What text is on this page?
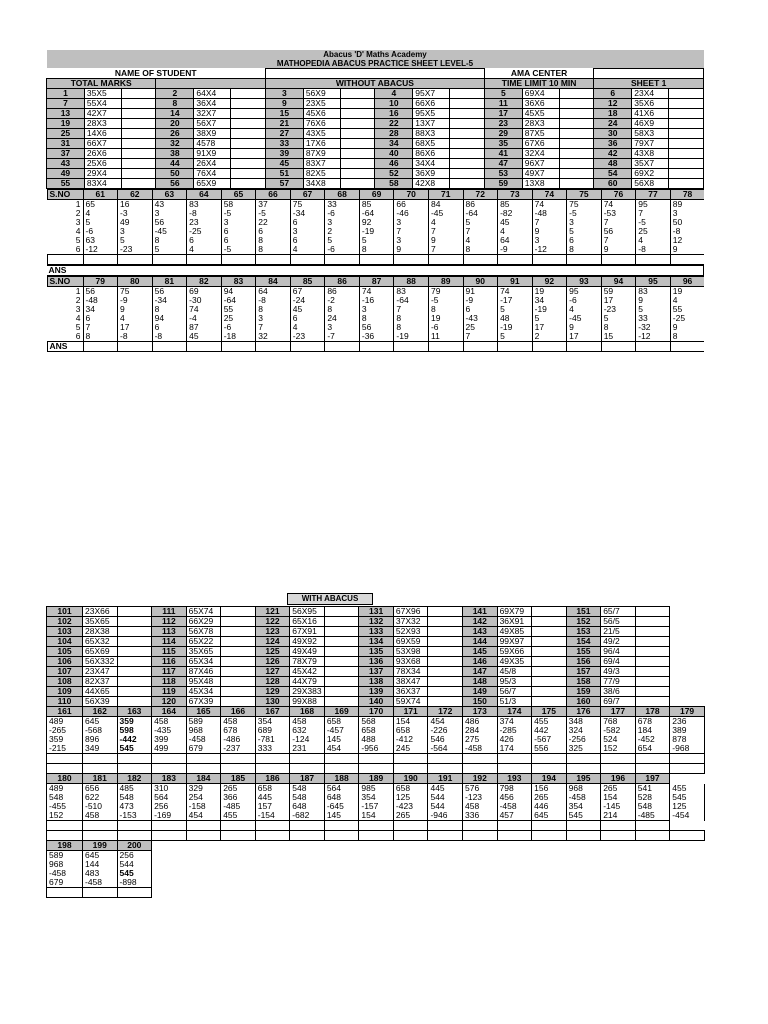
Abacus 'D' Maths Academy
MATHOPEDIA ABACUS PRACTICE SHEET LEVEL-5
NAME OF STUDENT		AMA CENTER	
TOTAL MARKS		WITHOUT ABACUS	TIME LIMIT 10 MIN	SHEET 1
1	35X5	2	64X4	3	56X9	4	95X7	5	69X4	6	23X4
7	55X4	8	36X4	9	23X5	10	66X6	11	36X6	12	35X6
13	42X7	14	32X7	15	45X6	16	95X5	17	45X5	18	41X6
19	28X3	20	56X7	21	76X6	22	13X7	23	28X3	24	46X9
25	14X6	26	38X9	27	43X5	28	88X3	29	87X5	30	58X3
31	66X7	32	4578	33	17X6	34	68X5	35	67X6	36	79X7
37	26X6	38	91X9	39	87X9	40	86X6	41	32X4	42	43X8
43	25X6	44	26X4	45	83X7	46	34X4	47	96X7	48	35X7
49	29X4	50	76X4	51	82X5	52	36X9	53	49X7	54	69X2
55	83X4	56	65X9	57	34X8	58	42X8	59	13X8	60	56X8

S.NO	61	62	63	64	65	66	67	68	69	70	71	72	73	74	75	76	77	78
1	65	16	43	83	58	37	75	33	85	66	84	86	85	74	75	74	95	89
2	4	-3	3	-8	-5	-5	-34	-6	-64	-46	-45	-64	-82	-48	-5	-53	7	3
3	5	49	56	23	3	22	6	3	92	3	4	5	45	7	3	7	-5	50
4	-6	3	-45	-25	6	6	3	2	-19	7	7	7	4	9	5	56	25	-8
5	63	5	8	6	6	8	6	5	5	3	9	4	64	3	6	7	4	12
6	-12	-23	5	4	-5	8	4	-6	8	9	7	8	-9	-12	8	9	-8	9

ANS

S.NO	79	80	81	82	83	84	85	86	87	88	89	90	91	92	93	94	95	96
1	56	75	56	69	94	64	67	86	74	83	79	91	74	19	95	59	83	19
2	-48	-9	-34	-30	-64	-8	-24	-2	-16	-64	-5	-9	-17	34	-6	17	9	4
3	34	9	8	74	55	8	45	8	3	7	8	6	5	-19	4	-23	5	55
4	6	4	94	-4	25	3	6	24	8	8	19	-43	48	5	-45	5	33	-25
5	7	17	6	87	-6	7	4	3	56	8	-6	25	-19	17	9	8	-32	9
6	8	-8	-8	45	-18	32	-23	-7	-36	-19	11	7	5	2	17	15	-12	8
ANS																		
WITH ABACUS
101	23X66		111	65X74		121	56X95		131	67X96		141	69X79		151	65/7		
102	35X65		112	66X29		122	65X16		132	37X32		142	36X91		152	56/5		
103	28X38		113	56X78		123	67X91		133	52X93		143	49X85		153	21/5		
104	65X32		114	65X22		124	49X92		134	69X59		144	99X97		154	49/2		
105	65X69		115	35X65		125	49X49		135	53X98		145	59X66		155	96/4		
106	56X332		116	65X34		126	78X79		136	93X68		146	49X35		156	69/4		
107	23X47		117	87X46		127	45X42		137	78X34		147	45/8		157	49/3		
108	82X37		118	95X48		128	44X79		138	38X47		148	95/3		158	77/9		
109	44X65		119	45X34		129	29X383		139	36X37		149	56/7		159	38/6		
110	56X39		120	67X39		130	99X88		140	59X74		150	51/3		160	69/7		
161	162	163	164	165	166	167	168	169	170	171	172	173	174	175	176	177	178	179
489	645	359	458	589	458	354	458	658	568	154	454	486	374	455	348	768	678	236
-265	-568	598	-435	968	678	689	632	-457	658	658	-226	284	-285	442	324	-582	184	389
359	896	-442	399	-458	-486	-781	-124	145	488	-412	546	275	426	-567	-256	524	-452	878
-215	349	545	499	679	-237	333	231	454	-956	245	-564	-458	174	556	325	152	654	-968

180	181	182	183	184	185	186	187	188	189	190	191	192	193	194	195	196	197	
489	656	485	310	329	265	658	548	564	985	658	445	576	798	156	968	265	541	455
548	622	548	564	254	366	445	548	648	354	125	544	-123	456	265	-458	154	528	545
-455	-510	473	256	-158	-485	157	648	-645	-157	-423	544	458	-458	446	354	-145	548	125
152	458	-153	-169	454	455	-154	-682	145	154	265	-946	336	457	645	545	214	-485	-454

198	199	200																
589	645	256																
968	144	544																
-458	483	545																
679	-458	-898																
